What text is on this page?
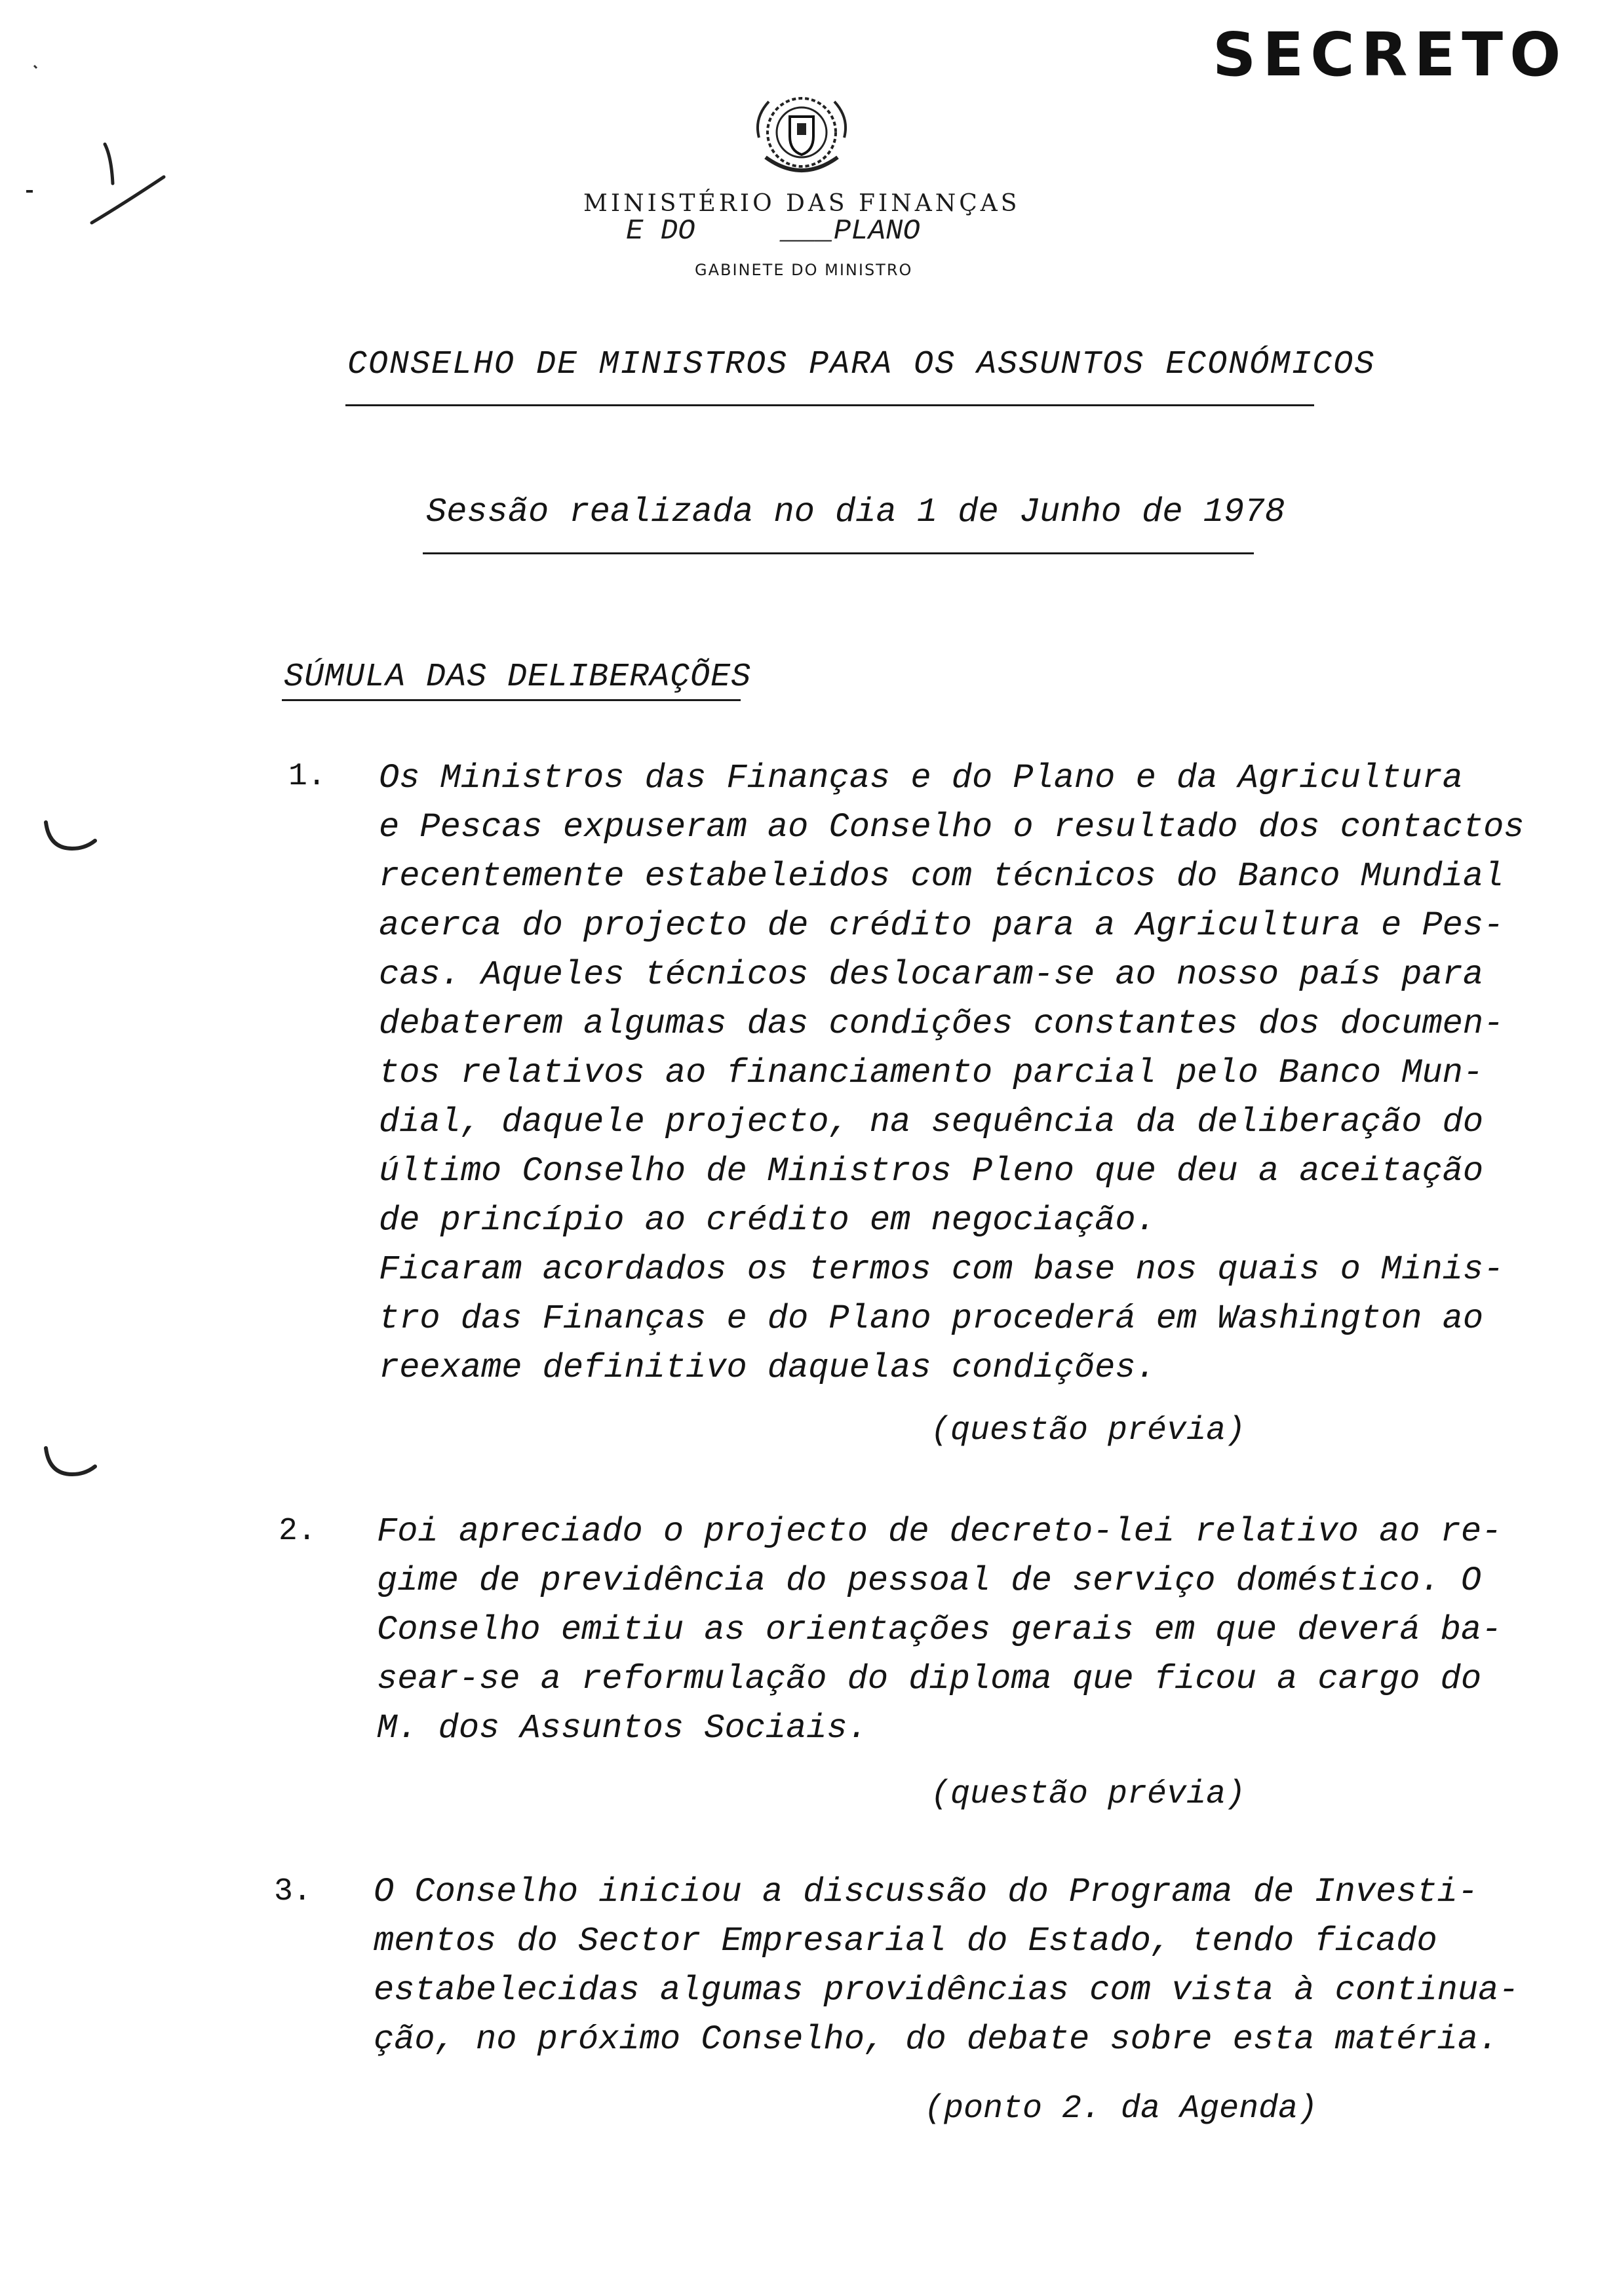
SECRETO
MINISTÉRIO DAS FINANÇAS
E DO     ___PLANO
GABINETE DO MINISTRO
CONSELHO DE MINISTROS PARA OS ASSUNTOS ECONÓMICOS
Sessão realizada no dia 1 de Junho de 1978
SÚMULA DAS DELIBERAÇÕES
1. Os Ministros das Finanças e do Plano e da Agricultura
e Pescas expuseram ao Conselho o resultado dos contactos
recentemente estabeleidos com técnicos do Banco Mundial
acerca do projecto de crédito para a Agricultura e Pes-
cas. Aqueles técnicos deslocaram-se ao nosso país para
debaterem algumas das condições constantes dos documen-
tos relativos ao financiamento parcial pelo Banco Mun-
dial, daquele projecto, na sequência da deliberação do
último Conselho de Ministros Pleno que deu a aceitação
de princípio ao crédito em negociação.
Ficaram acordados os termos com base nos quais o Minis-
tro das Finanças e do Plano procederá em Washington ao
reexame definitivo daquelas condições.
(questão prévia)
2. Foi apreciado o projecto de decreto-lei relativo ao re-
gime de previdência do pessoal de serviço doméstico. O
Conselho emitiu as orientações gerais em que deverá ba-
sear-se a reformulação do diploma que ficou a cargo do
M. dos Assuntos Sociais.
(questão prévia)
3. O Conselho iniciou a discussão do Programa de Investi-
mentos do Sector Empresarial do Estado, tendo ficado
estabelecidas algumas providências com vista à continua-
ção, no próximo Conselho, do debate sobre esta matéria.
(ponto 2. da Agenda)
